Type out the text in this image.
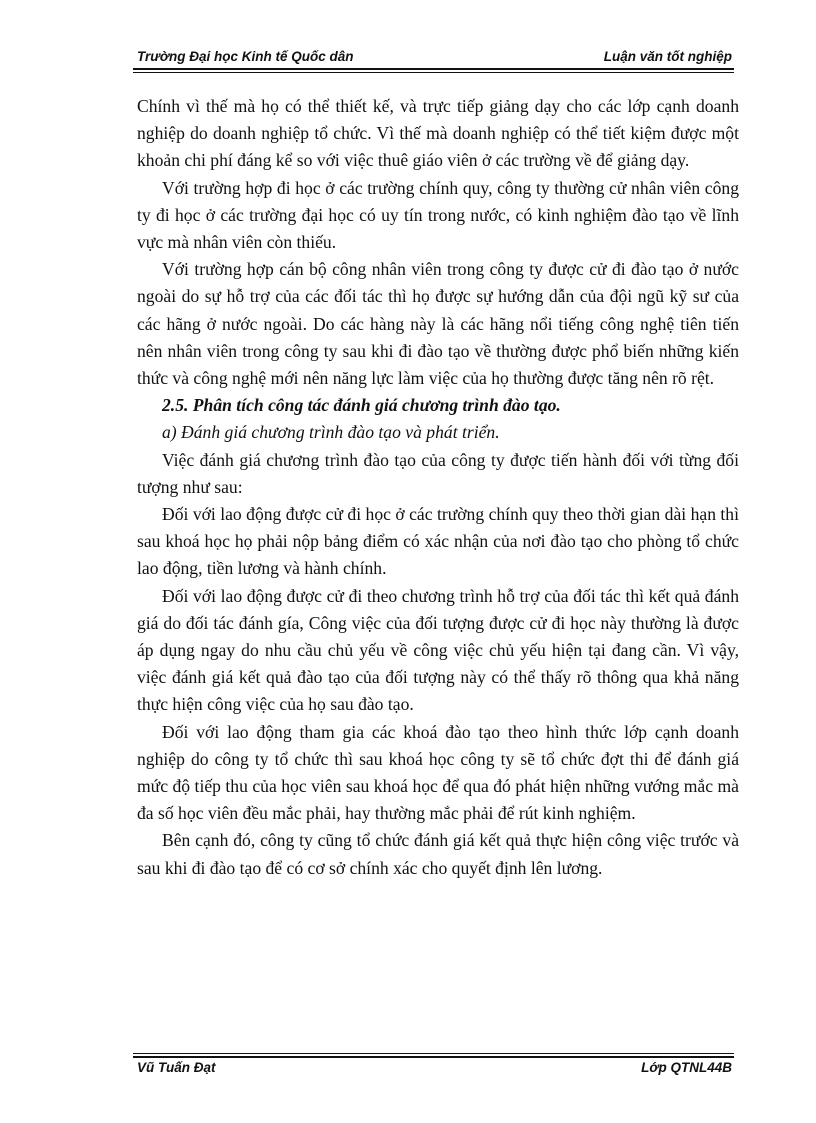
Trường Đại học Kinh tế Quốc dân	Luận văn tốt nghiệp

Chính vì thế mà họ có thể thiết kế, và trực tiếp giảng dạy cho các lớp cạnh doanh nghiệp do doanh nghiệp tổ chức. Vì thế mà doanh nghiệp có thể tiết kiệm được một khoản chi phí đáng kể so với việc thuê giáo viên ở các trường về để giảng dạy.

Với trường hợp đi học ở các trường chính quy, công ty thường cử nhân viên công ty đi học ở các trường đại học có uy tín trong nước, có kinh nghiệm đào tạo về lĩnh vực mà nhân viên còn thiếu.

Với trường hợp cán bộ công nhân viên trong công ty được cử đi đào tạo ở nước ngoài do sự hỗ trợ của các đối tác thì họ được sự hướng dẫn của đội ngũ kỹ sư của các hãng ở nước ngoài. Do các hàng này là các hãng nổi tiếng công nghệ tiên tiến nên nhân viên trong công ty sau khi đi đào tạo về thường được phổ biến những kiến thức và công nghệ mới nên năng lực làm việc của họ thường được tăng nên rõ rệt.

2.5. Phân tích công tác đánh giá chương trình đào tạo.

a) Đánh giá chương trình đào tạo và phát triển.

Việc đánh giá chương trình đào tạo của công ty được tiến hành đối với từng đối tượng như sau:

Đối với lao động được cử đi học ở các trường chính quy theo thời gian dài hạn thì sau khoá học họ phải nộp bảng điểm có xác nhận của nơi đào tạo cho phòng tổ chức lao động, tiền lương và hành chính.

Đối với lao động được cử đi theo chương trình hỗ trợ của đối tác thì kết quả đánh giá do đối tác đánh gía, Công việc của đối tượng được cử đi học này thường là được áp dụng ngay do nhu cầu chủ yếu về công việc chủ yếu hiện tại đang cần. Vì vậy, việc đánh giá kết quả đào tạo của đối tượng này có thể thấy rõ thông qua khả năng thực hiện công việc của họ sau đào tạo.

Đối với lao động tham gia các khoá đào tạo theo hình thức lớp cạnh doanh nghiệp do công ty tổ chức thì sau khoá học công ty sẽ tổ chức đợt thi để đánh giá mức độ tiếp thu của học viên sau khoá học để qua đó phát hiện những vướng mắc mà đa số học viên đều mắc phải, hay thường mắc phải để rút kinh nghiệm.

Bên cạnh đó, công ty cũng tổ chức đánh giá kết quả thực hiện công việc trước và sau khi đi đào tạo để có cơ sở chính xác cho quyết định lên lương.

Vũ Tuấn Đạt	Lớp QTNL44B
